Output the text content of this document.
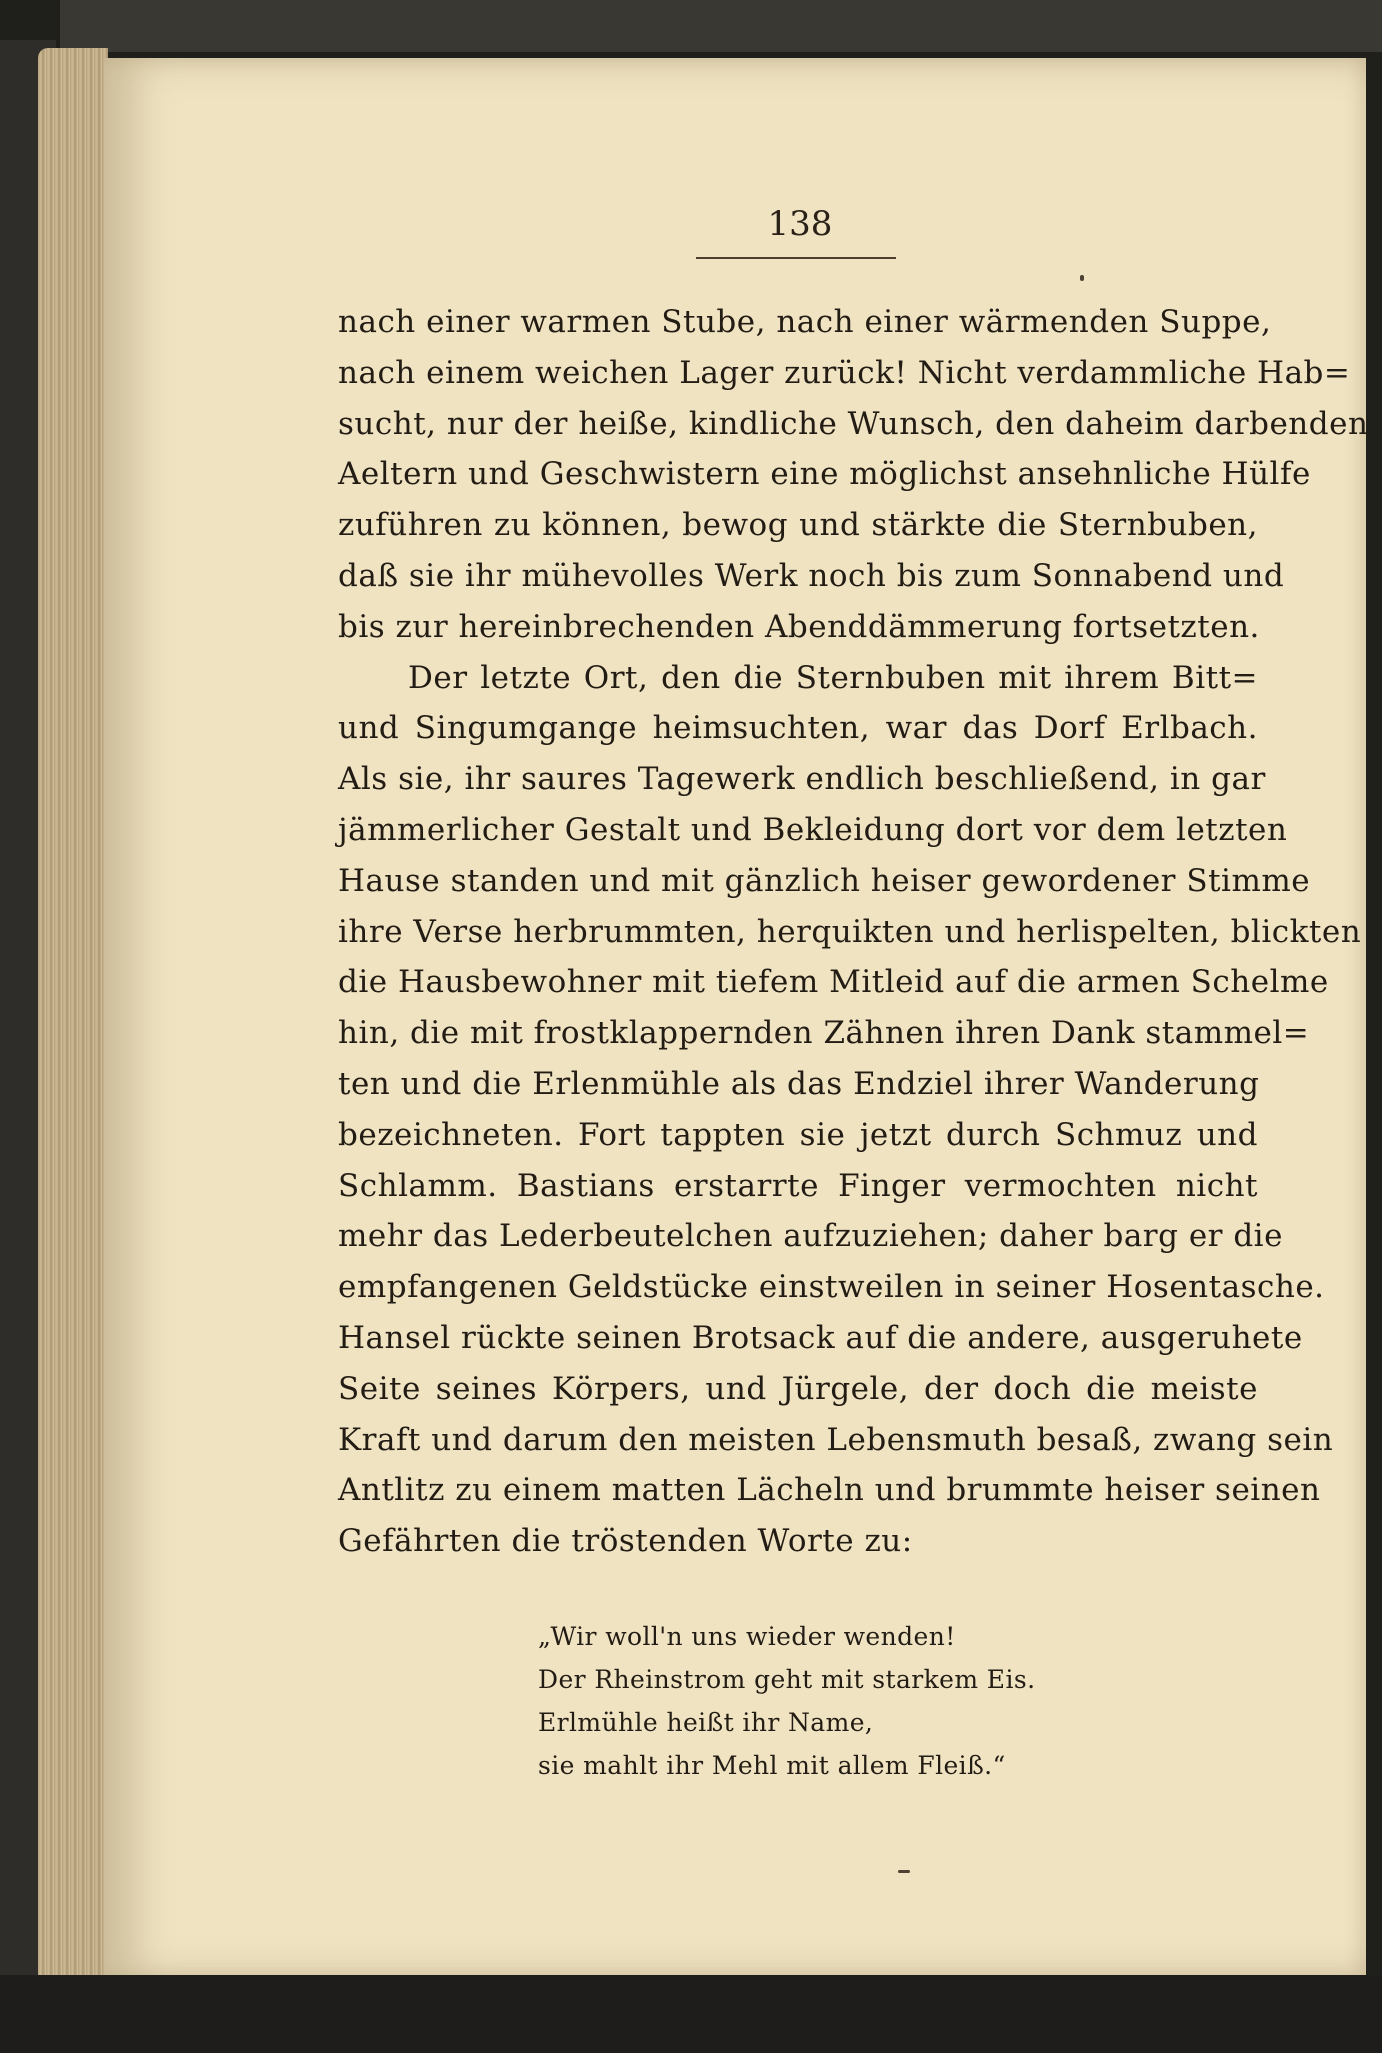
138
nach einer warmen Stube, nach einer wärmenden Suppe,
nach einem weichen Lager zurück! Nicht verdammliche Hab=
sucht, nur der heiße, kindliche Wunsch, den daheim darbenden
Aeltern und Geschwistern eine möglichst ansehnliche Hülfe
zuführen zu können, bewog und stärkte die Sternbuben,
daß sie ihr mühevolles Werk noch bis zum Sonnabend und
bis zur hereinbrechenden Abenddämmerung fortsetzten.
Der letzte Ort, den die Sternbuben mit ihrem Bitt=
und Singumgange heimsuchten, war das Dorf Erlbach.
Als sie, ihr saures Tagewerk endlich beschließend, in gar
jämmerlicher Gestalt und Bekleidung dort vor dem letzten
Hause standen und mit gänzlich heiser gewordener Stimme
ihre Verse herbrummten, herquikten und herlispelten, blickten
die Hausbewohner mit tiefem Mitleid auf die armen Schelme
hin, die mit frostklappernden Zähnen ihren Dank stammel=
ten und die Erlenmühle als das Endziel ihrer Wanderung
bezeichneten. Fort tappten sie jetzt durch Schmuz und
Schlamm. Bastians erstarrte Finger vermochten nicht
mehr das Lederbeutelchen aufzuziehen; daher barg er die
empfangenen Geldstücke einstweilen in seiner Hosentasche.
Hansel rückte seinen Brotsack auf die andere, ausgeruhete
Seite seines Körpers, und Jürgele, der doch die meiste
Kraft und darum den meisten Lebensmuth besaß, zwang sein
Antlitz zu einem matten Lächeln und brummte heiser seinen
Gefährten die tröstenden Worte zu:
„Wir woll'n uns wieder wenden!
Der Rheinstrom geht mit starkem Eis.
Erlmühle heißt ihr Name,
sie mahlt ihr Mehl mit allem Fleiß.“
